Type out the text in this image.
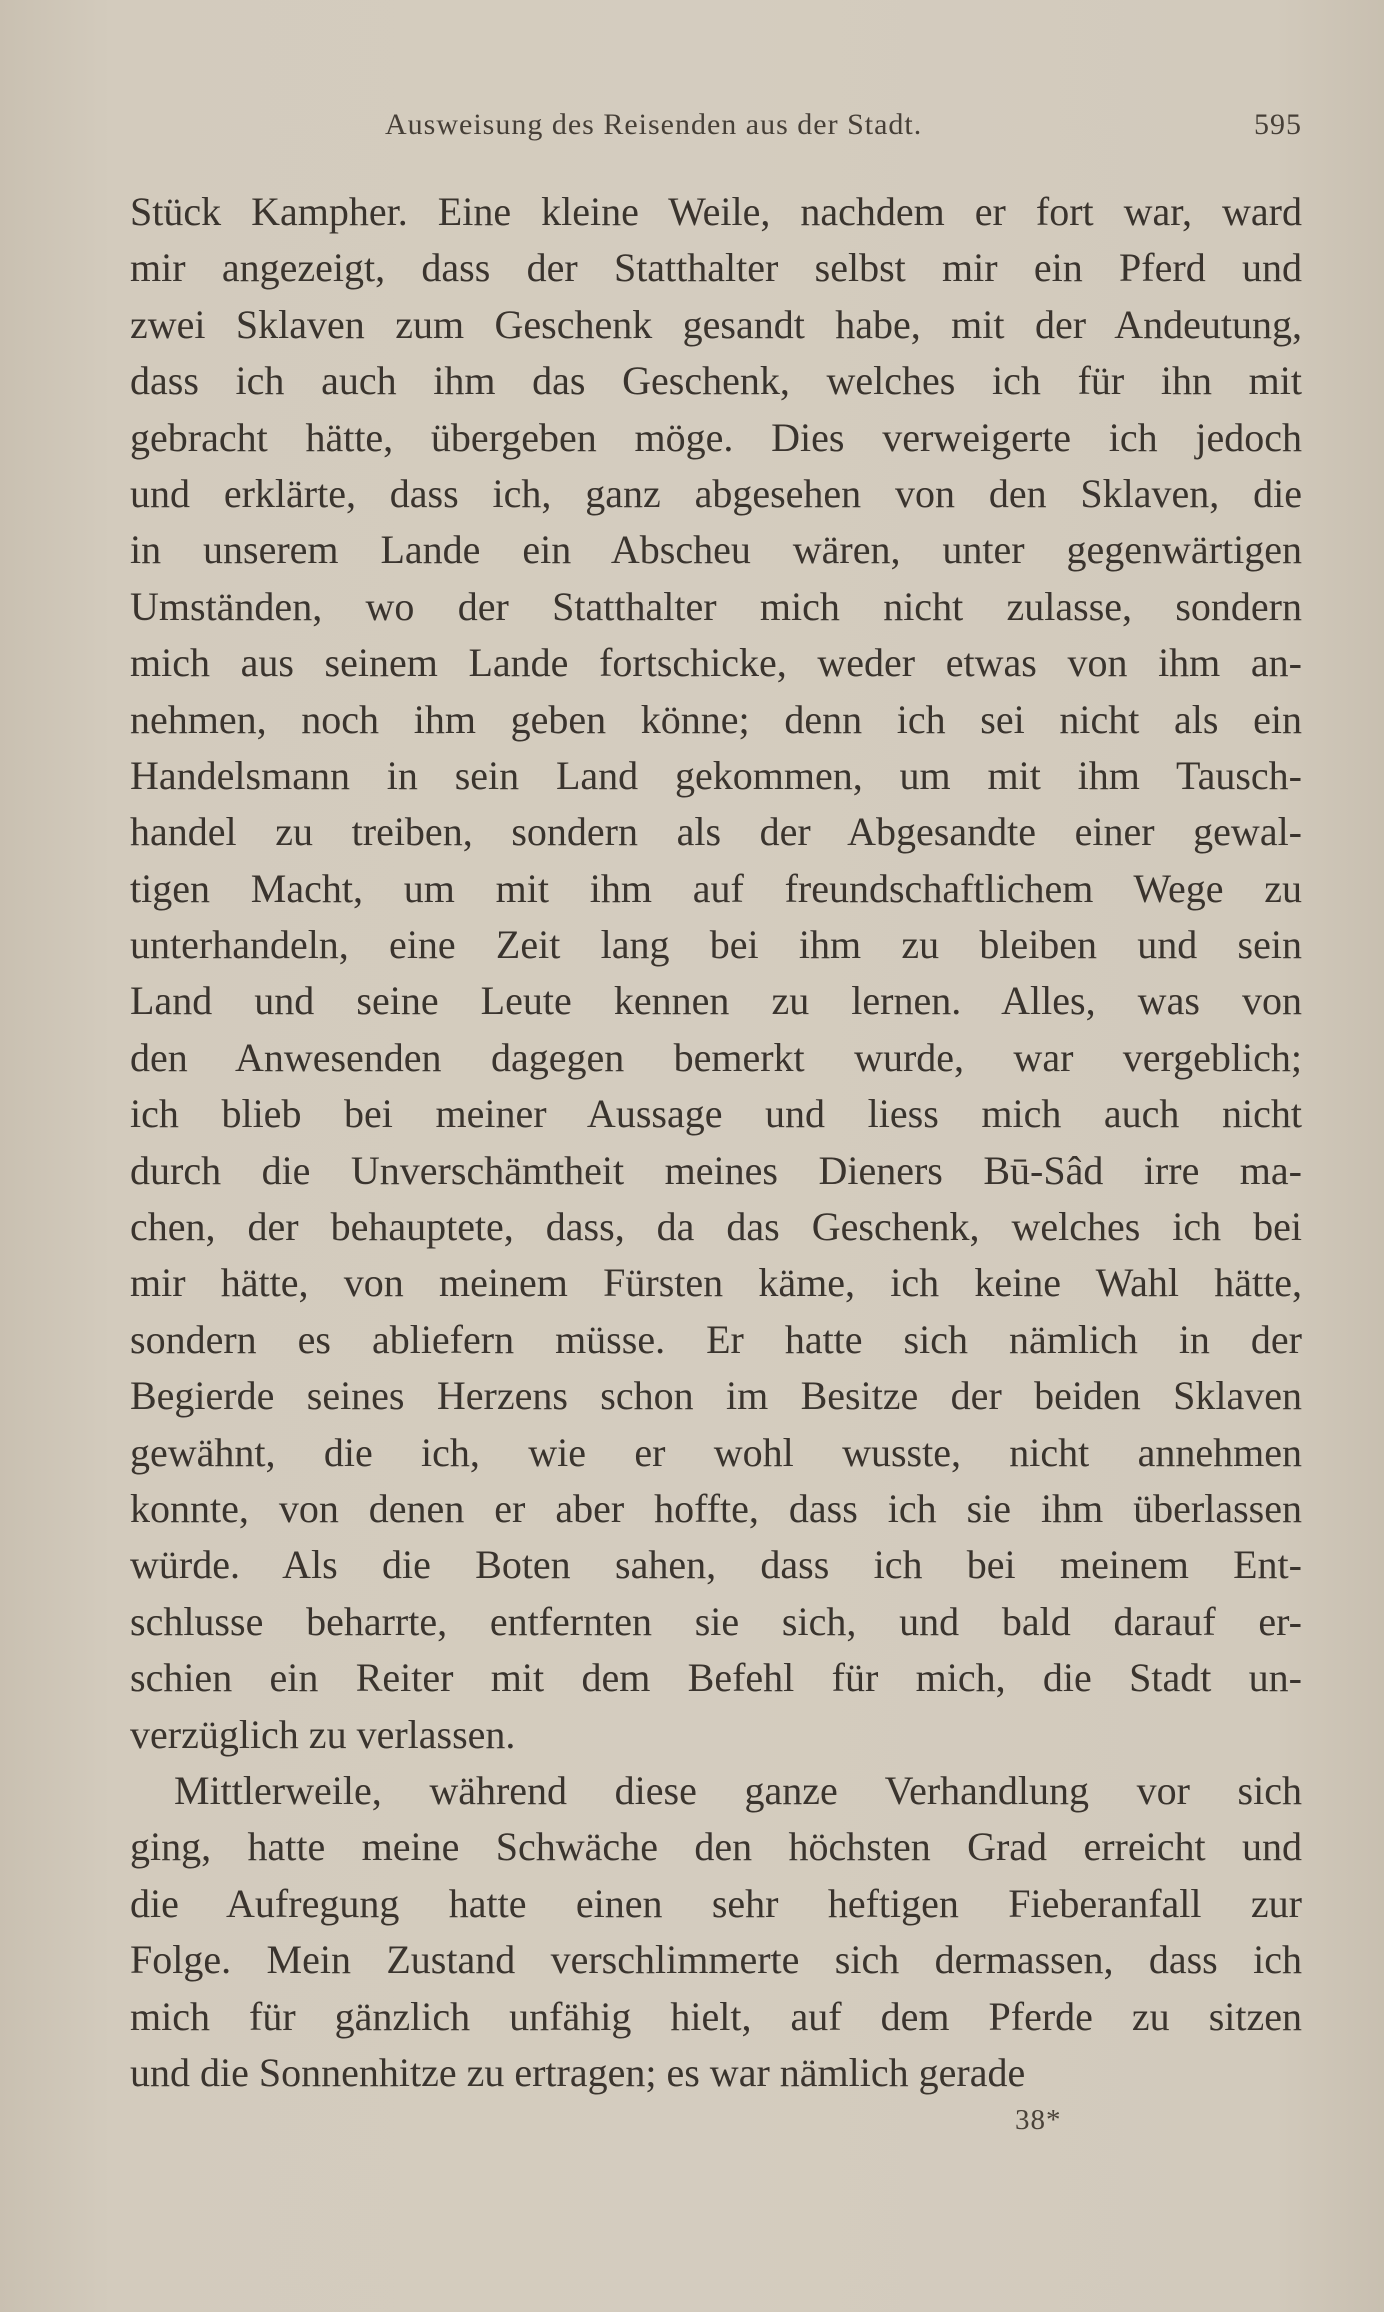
Ausweisung des Reisenden aus der Stadt.	595
Stück Kampher. Eine kleine Weile, nachdem er fort war, ward
mir angezeigt, dass der Statthalter selbst mir ein Pferd und
zwei Sklaven zum Geschenk gesandt habe, mit der Andeutung,
dass ich auch ihm das Geschenk, welches ich für ihn mit
gebracht hätte, übergeben möge. Dies verweigerte ich jedoch
und erklärte, dass ich, ganz abgesehen von den Sklaven, die
in unserem Lande ein Abscheu wären, unter gegenwärtigen
Umständen, wo der Statthalter mich nicht zulasse, sondern
mich aus seinem Lande fortschicke, weder etwas von ihm an-
nehmen, noch ihm geben könne; denn ich sei nicht als ein
Handelsmann in sein Land gekommen, um mit ihm Tausch-
handel zu treiben, sondern als der Abgesandte einer gewal-
tigen Macht, um mit ihm auf freundschaftlichem Wege zu
unterhandeln, eine Zeit lang bei ihm zu bleiben und sein
Land und seine Leute kennen zu lernen. Alles, was von
den Anwesenden dagegen bemerkt wurde, war vergeblich;
ich blieb bei meiner Aussage und liess mich auch nicht
durch die Unverschämtheit meines Dieners Bū-Sâd irre ma-
chen, der behauptete, dass, da das Geschenk, welches ich bei
mir hätte, von meinem Fürsten käme, ich keine Wahl hätte,
sondern es abliefern müsse. Er hatte sich nämlich in der
Begierde seines Herzens schon im Besitze der beiden Sklaven
gewähnt, die ich, wie er wohl wusste, nicht annehmen
konnte, von denen er aber hoffte, dass ich sie ihm überlassen
würde. Als die Boten sahen, dass ich bei meinem Ent-
schlusse beharrte, entfernten sie sich, und bald darauf er-
schien ein Reiter mit dem Befehl für mich, die Stadt un-
verzüglich zu verlassen.
Mittlerweile, während diese ganze Verhandlung vor sich
ging, hatte meine Schwäche den höchsten Grad erreicht und
die Aufregung hatte einen sehr heftigen Fieberanfall zur
Folge. Mein Zustand verschlimmerte sich dermassen, dass ich
mich für gänzlich unfähig hielt, auf dem Pferde zu sitzen
und die Sonnenhitze zu ertragen; es war nämlich gerade
38*
